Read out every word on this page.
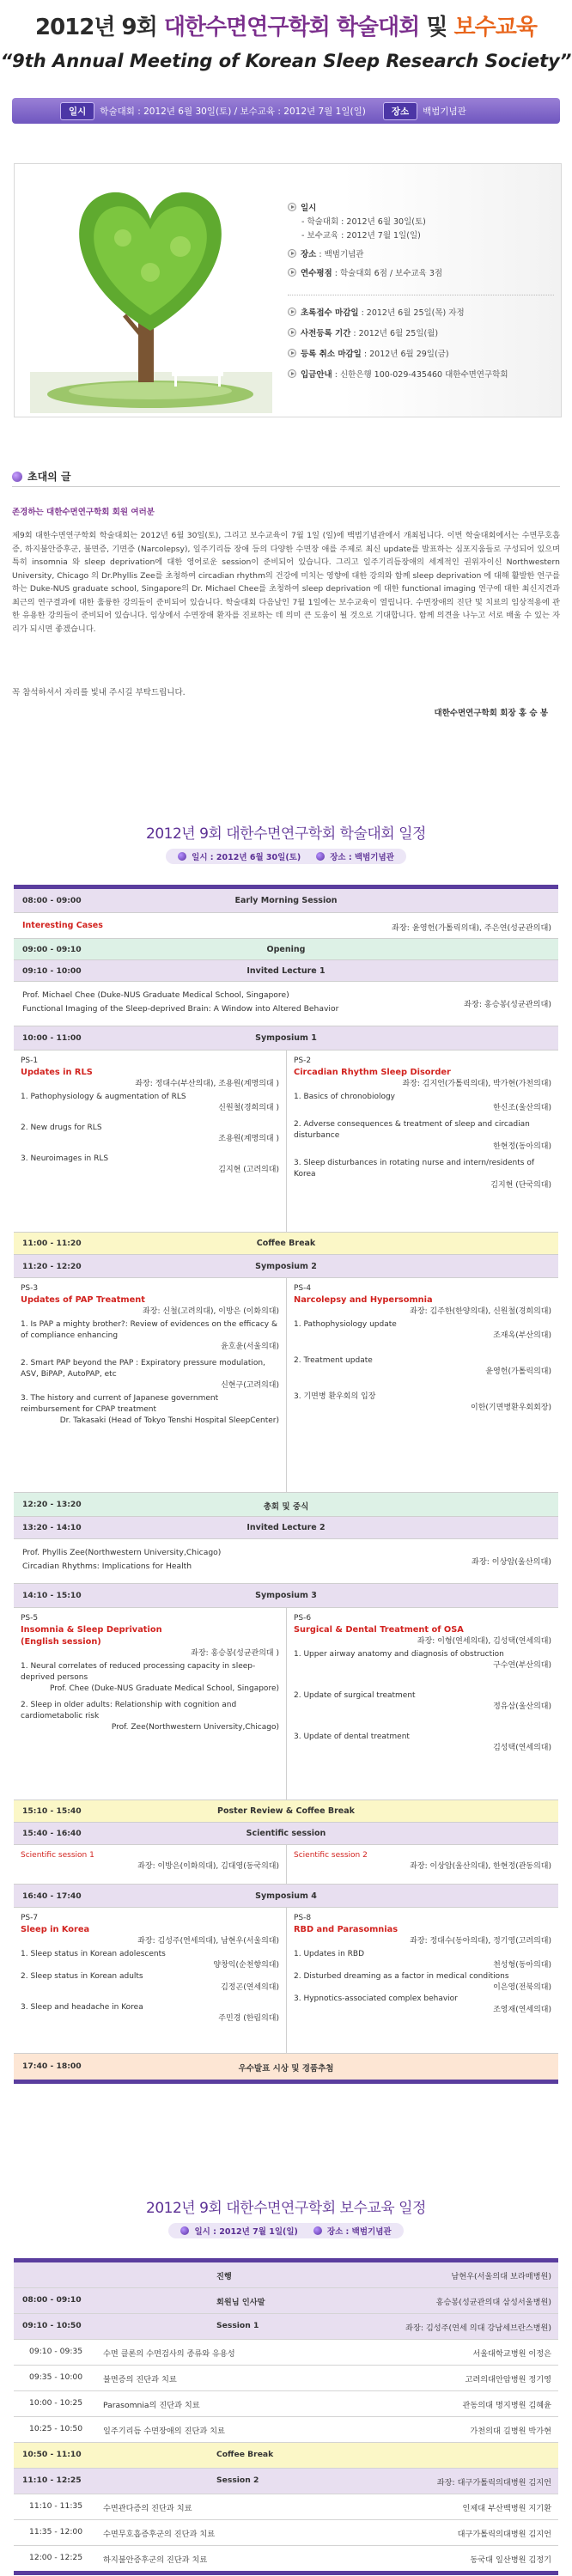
2012년 9회 대한수면연구학회 학술대회 및 보수교육
“9th Annual Meeting of Korean Sleep Research Society”
일시	학술대회 : 2012년 6월 30일(토) / 보수교육 : 2012년 7월 1일(일)	장소	백범기념관
일시
- 학술대회 : 2012년 6월 30일(토)
- 보수교육 : 2012년 7월 1일(일)
장소 : 백범기념관
연수평점 : 학술대회 6점 / 보수교육 3점
초록접수 마감일 : 2012년 6월 25일(목) 자정
사전등록 기간 : 2012년 6월 25일(월)
등록 취소 마감일 : 2012년 6월 29일(금)
입금안내 : 신한은행 100-029-435460 대한수면연구학회
초대의 글
존경하는 대한수면연구학회 회원 여러분
제9회 대한수면연구학회 학술대회는 2012년 6월 30일(토), 그리고 보수교육이 7월 1일 (일)에 백범기념관에서 개최됩니다. 이번 학술대회에서는 수면무호흡증, 하지불안증후군, 불면증, 기면증 (Narcolepsy), 일주기리듬 장애 등의 다양한 수면장 애를 주제로 최신 update를 발표하는 심포지움들로 구성되어 있으며 특히 insomnia 와 sleep deprivation에 대한 영어로운 session이 준비되어 있습니다. 그리고 일주기리듬장애의 세계적인 권위자이신 Northwestern University, Chicago 의 Dr.Phyllis Zee를 초청하여 circadian rhythm의 건강에 미치는 영향에 대한 강의와 함께 sleep deprivation 에 대해 활발한 연구를 하는 Duke-NUS graduate school, Singapore의 Dr. Michael Chee를 초청하여 sleep deprivation 에 대한 functional imaging 연구에 대한 최신지견과 최근의 연구결과에 대한 훌륭한 강의들이 준비되어 있습니다. 학술대회 다음날인 7월 1일에는 보수교육이 열립니다. 수면장애의 진단 및 치료의 임상적용에 관한 유용한 강의들이 준비되어 있습니다. 임상에서 수면장애 환자를 진료하는 데 의미 큰 도움이 될 것으로 기대합니다. 함께 의견을 나누고 서로 배울 수 있는 자리가 되시면 좋겠습니다.
꼭 참석하셔서 자리를 빛내 주시길 부탁드립니다.
대한수면연구학회 회장 홍 승 봉
2012년 9회 대한수면연구학회 학술대회 일정
일시 : 2012년 6월 30일(토)	장소 : 백범기념관
08:00 - 09:00	Early Morning Session
Interesting Cases	좌장: 윤영헌(가톨릭의대), 주은연(성균관의대)
09:00 - 09:10	Opening
09:10 - 10:00	Invited Lecture 1
Prof. Michael Chee (Duke-NUS Graduate Medical School, Singapore)
Functional Imaging of the Sleep-deprived Brain: A Window into Altered Behavior	좌장: 홍승봉(성균관의대)
10:00 - 11:00	Symposium 1
PS-1
Updates in RLS
좌장: 정대수(부산의대), 조용원(계명의대 )
1. Pathophysiology & augmentation of RLS
신원철(경희의대 )
2. New drugs for RLS
조용원(계명의대 )
3. Neuroimages in RLS
김지현 (고려의대)
PS-2
Circadian Rhythm Sleep Disorder
좌장: 김지언(가톨릭의대), 박가현(가천의대)
1. Basics of chronobiology
한신조(울산의대)
2. Adverse consequences & treatment of sleep and circadian disturbance
한현정(동아의대)
3. Sleep disturbances in rotating nurse and intern/residents of Korea
김지현 (단국의대)
11:00 - 11:20	Coffee Break
11:20 - 12:20	Symposium 2
PS-3
Updates of PAP Treatment
좌장: 신철(고려의대), 이방은 (이화의대)
1. Is PAP a mighty brother?: Review of evidences on the efficacy & of compliance enhancing
윤호윤(서울의대)
2. Smart PAP beyond the PAP : Expiratory pressure modulation, ASV, BiPAP, AutoPAP, etc
신현구(고려의대)
3. The history and current of Japanese government reimbursement for CPAP treatment
Dr. Takasaki (Head of Tokyo Tenshi Hospital SleepCenter)
PS-4
Narcolepsy and Hypersomnia
좌장: 김주한(한양의대), 신원철(경희의대)
1. Pathophysiology update
조재옥(부산의대)
2. Treatment update
윤영헌(가톨릭의대)
3. 기면병 환우회의 입장
이한(기면병환우회회장)
12:20 - 13:20	총회 및 중식
13:20 - 14:10	Invited Lecture 2
Prof. Phyllis Zee(Northwestern University,Chicago)
Circadian Rhythms: Implications for Health	좌장: 이상암(울산의대)
14:10 - 15:10	Symposium 3
PS-5
Insomnia & Sleep Deprivation
(English session)
좌장: 홍승봉(성균관의대 )
1. Neural correlates of reduced processing capacity in sleep-deprived persons
Prof. Chee (Duke-NUS Graduate Medical School, Singapore)
2. Sleep in older adults: Relationship with cognition and cardiometabolic risk
Prof. Zee(Northwestern University,Chicago)
PS-6
Surgical & Dental Treatment of OSA
좌장: 이형(연세의대), 김성택(연세의대)
1. Upper airway anatomy and diagnosis of obstruction
구수연(부산의대)
2. Update of surgical treatment
정유삼(울산의대)
3. Update of dental treatment
김성택(연세의대)
15:10 - 15:40	Poster Review & Coffee Break
15:40 - 16:40	Scientific session
Scientific session 1
좌장: 이방은(이화의대), 김대영(동국의대)
Scientific session 2
좌장: 이상암(울산의대), 한현정(관동의대)
16:40 - 17:40	Symposium 4
PS-7
Sleep in Korea
좌장: 김성주(연세의대), 남현우(서울의대)
1. Sleep status in Korean adolescents
양창익(순천향의대)
2. Sleep status in Korean adults
김정곤(연세의대)
3. Sleep and headache in Korea
주민경 (한림의대)
PS-8
RBD and Parasomnias
좌장: 정대수(동아의대), 정기영(고려의대)
1. Updates in RBD
천성형(동아의대)
2. Disturbed dreaming as a factor in medical conditions
이은영(전북의대)
3. Hypnotics-associated complex behavior
조영재(연세의대)
17:40 - 18:00	우수발표 시상 및 경품추첨
2012년 9회 대한수면연구학회 보수교육 일정
일시 : 2012년 7월 1일(일)	장소 : 백범기념관
진행	남현우(서울의대 보라매병원)
08:00 - 09:10	회원님 인사말	홍승봉(성균관의대 삼성서울병원)
09:10 - 10:50	Session 1	좌장: 김성주(연세 의대 강남세브란스병원)
09:10 - 09:35	수면 클론의 수면검사의 종류와 유용성	서울대학교병원 이정은
09:35 - 10:00	불면증의 진단과 치료	고려의대안암병원 정기영
10:00 - 10:25	Parasomnia의 진단과 치료	관동의대 명지병원 김혜윤
10:25 - 10:50	일주기리듬 수면장애의 진단과 치료	가천의대 길병원 박가현
10:50 - 11:10	Coffee Break
11:10 - 12:25	Session 2	좌장: 대구가톨릭의대병원 김지언
11:10 - 11:35	수면관다증의 진단과 치료	인제대 부산백병원 지기환
11:35 - 12:00	수면무호흡증후군의 진단과 치료	대구가톨릭의대병원 김지언
12:00 - 12:25	하지불안증후군의 진단과 치료	동국대 일산병원 김정기
